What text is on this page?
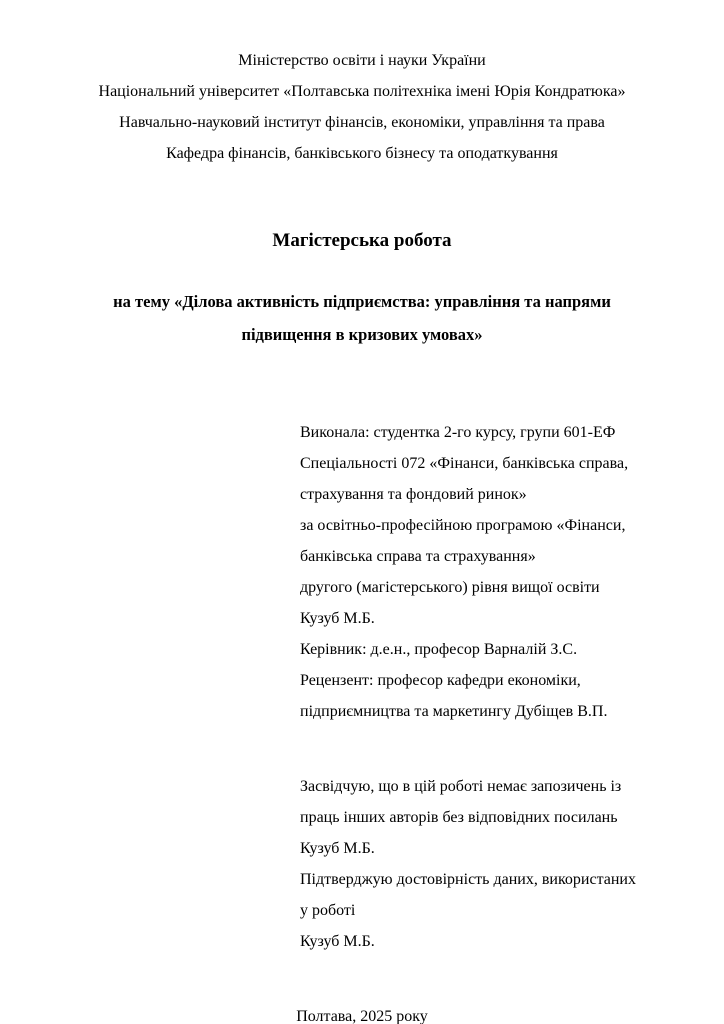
Міністерство освіти і науки України

Національний університет «Полтавська політехніка імені Юрія Кондратюка»

Навчально-науковий інститут фінансів, економіки, управління та права

Кафедра фінансів, банківського бізнесу та оподаткування

Магістерська робота

на тему «Ділова активність підприємства: управління та напрями

підвищення в кризових умовах»

Виконала: студентка 2-го курсу, групи 601-ЕФ

Спеціальності 072 «Фінанси, банківська справа,

страхування та фондовий ринок»

за освітньо-професійною програмою «Фінанси,

банківська справа та страхування»

другого (магістерського) рівня вищої освіти

Кузуб М.Б.

Керівник: д.е.н., професор Варналій З.С.

Рецензент: професор кафедри економіки,

підприємництва та маркетингу Дубіщев В.П.

Засвідчую, що в цій роботі немає запозичень із

праць інших авторів без відповідних посилань

Кузуб М.Б.

Підтверджую достовірність даних, використаних

у роботі

Кузуб М.Б.

Полтава, 2025 року
